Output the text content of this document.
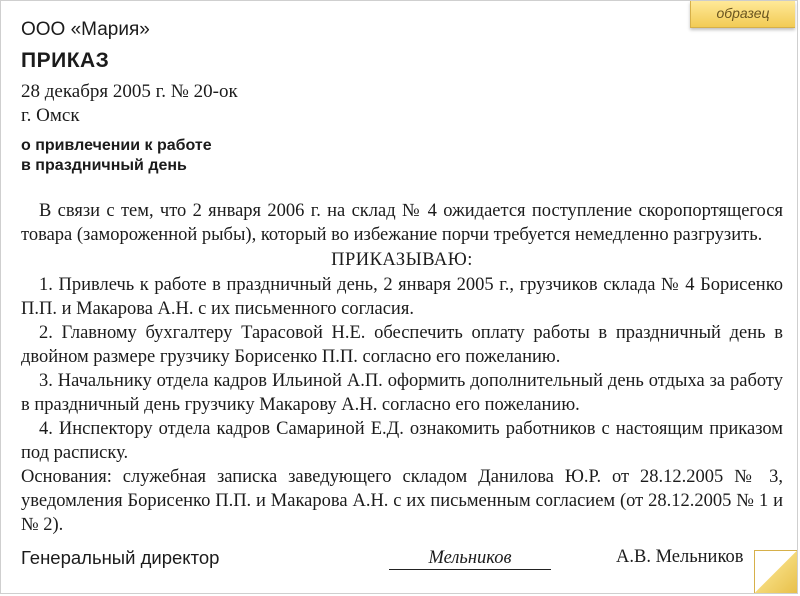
образец
ООО «Мария»
ПРИКАЗ
28 декабря 2005 г. № 20-ок
г. Омск
о привлечении к работе
в праздничный день

В связи с тем, что 2 января 2006 г. на склад № 4 ожидается поступление скоропортящегося товара (замороженной рыбы), который во избежание порчи требуется немедленно разгрузить.

ПРИКАЗЫВАЮ:

1. Привлечь к работе в праздничный день, 2 января 2005 г., грузчиков склада № 4 Борисенко П.П. и Макарова А.Н. с их письменного согласия.

2. Главному бухгалтеру Тарасовой Н.Е. обеспечить оплату работы в праздничный день в двойном размере грузчику Борисенко П.П. согласно его пожеланию.

3. Начальнику отдела кадров Ильиной А.П. оформить дополнительный день отдыха за работу в праздничный день грузчику Макарову А.Н. согласно его пожеланию.

4. Инспектору отдела кадров Самариной Е.Д. ознакомить работников с настоящим приказом под расписку.

Основания: служебная записка заведующего складом Данилова Ю.Р. от 28.12.2005 № 3, уведомления Борисенко П.П. и Макарова А.Н. с их письменным согласием (от 28.12.2005 № 1 и № 2).

Генеральный директор	Мельников	А.В. Мельников
